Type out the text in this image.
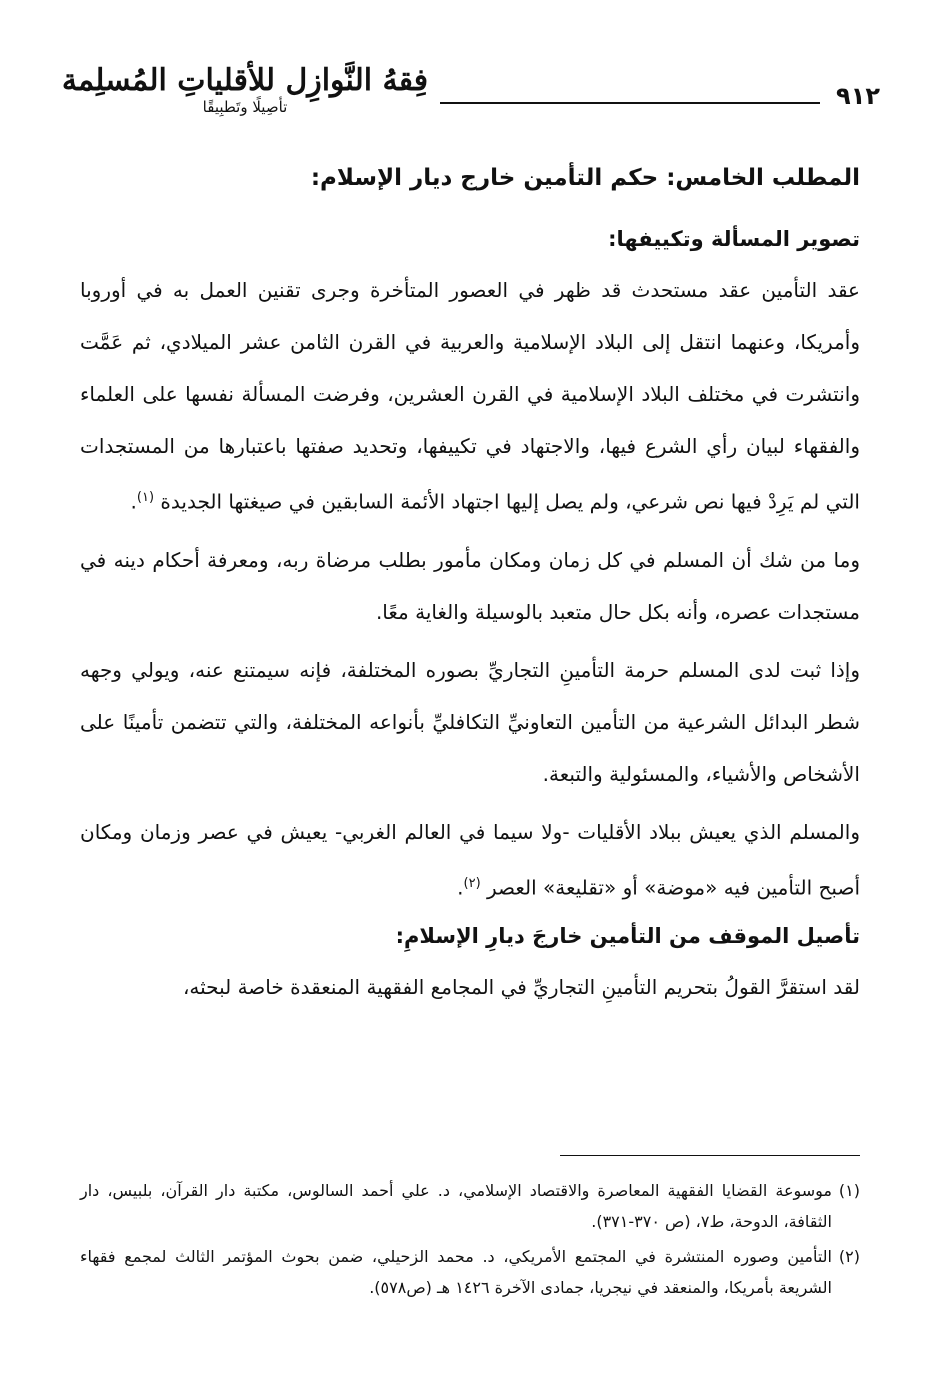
٩١٢
فِقهُ النَّوازِل للأقلياتِ المُسلِمة
تأصِيلًا وتَطبِيقًا
المطلب الخامس: حكم التأمين خارج ديار الإسلام:
تصوير المسألة وتكييفها:

عقد التأمين عقد مستحدث قد ظهر في العصور المتأخرة وجرى تقنين العمل به في أوروبا وأمريكا، وعنهما انتقل إلى البلاد الإسلامية والعربية في القرن الثامن عشر الميلادي، ثم عَمَّت وانتشرت في مختلف البلاد الإسلامية في القرن العشرين، وفرضت المسألة نفسها على العلماء والفقهاء لبيان رأي الشرع فيها، والاجتهاد في تكييفها، وتحديد صفتها باعتبارها من المستجدات التي لم يَرِدْ فيها نص شرعي، ولم يصل إليها اجتهاد الأئمة السابقين في صيغتها الجديدة $^{(١)}$.

وما من شك أن المسلم في كل زمان ومكان مأمور بطلب مرضاة ربه، ومعرفة أحكام دينه في مستجدات عصره، وأنه بكل حال متعبد بالوسيلة والغاية معًا.

وإذا ثبت لدى المسلم حرمة التأمينِ التجاريِّ بصوره المختلفة، فإنه سيمتنع عنه، ويولي وجهه شطر البدائل الشرعية من التأمين التعاونيِّ التكافليِّ بأنواعه المختلفة، والتي تتضمن تأمينًا على الأشخاص والأشياء، والمسئولية والتبعة.

والمسلم الذي يعيش ببلاد الأقليات -ولا سيما في العالم الغربي- يعيش في عصر وزمان ومكان أصبح التأمين فيه «موضة» أو «تقليعة» العصر $^{(٢)}$.

تأصيل الموقف من التأمين خارجَ ديارِ الإسلامِ:

لقد استقرَّ القولُ بتحريم التأمينِ التجاريِّ في المجامع الفقهية المنعقدة خاصة لبحثه،

(١)
موسوعة القضايا الفقهية المعاصرة والاقتصاد الإسلامي، د. علي أحمد السالوس، مكتبة دار القرآن، بلبيس، دار الثقافة، الدوحة، ط٧، (ص ٣٧٠-٣٧١).

(٢)
التأمين وصوره المنتشرة في المجتمع الأمريكي، د. محمد الزحيلي، ضمن بحوث المؤتمر الثالث لمجمع فقهاء الشريعة بأمريكا، والمنعقد في نيجريا، جمادى الآخرة ١٤٢٦ هـ (ص٥٧٨).
